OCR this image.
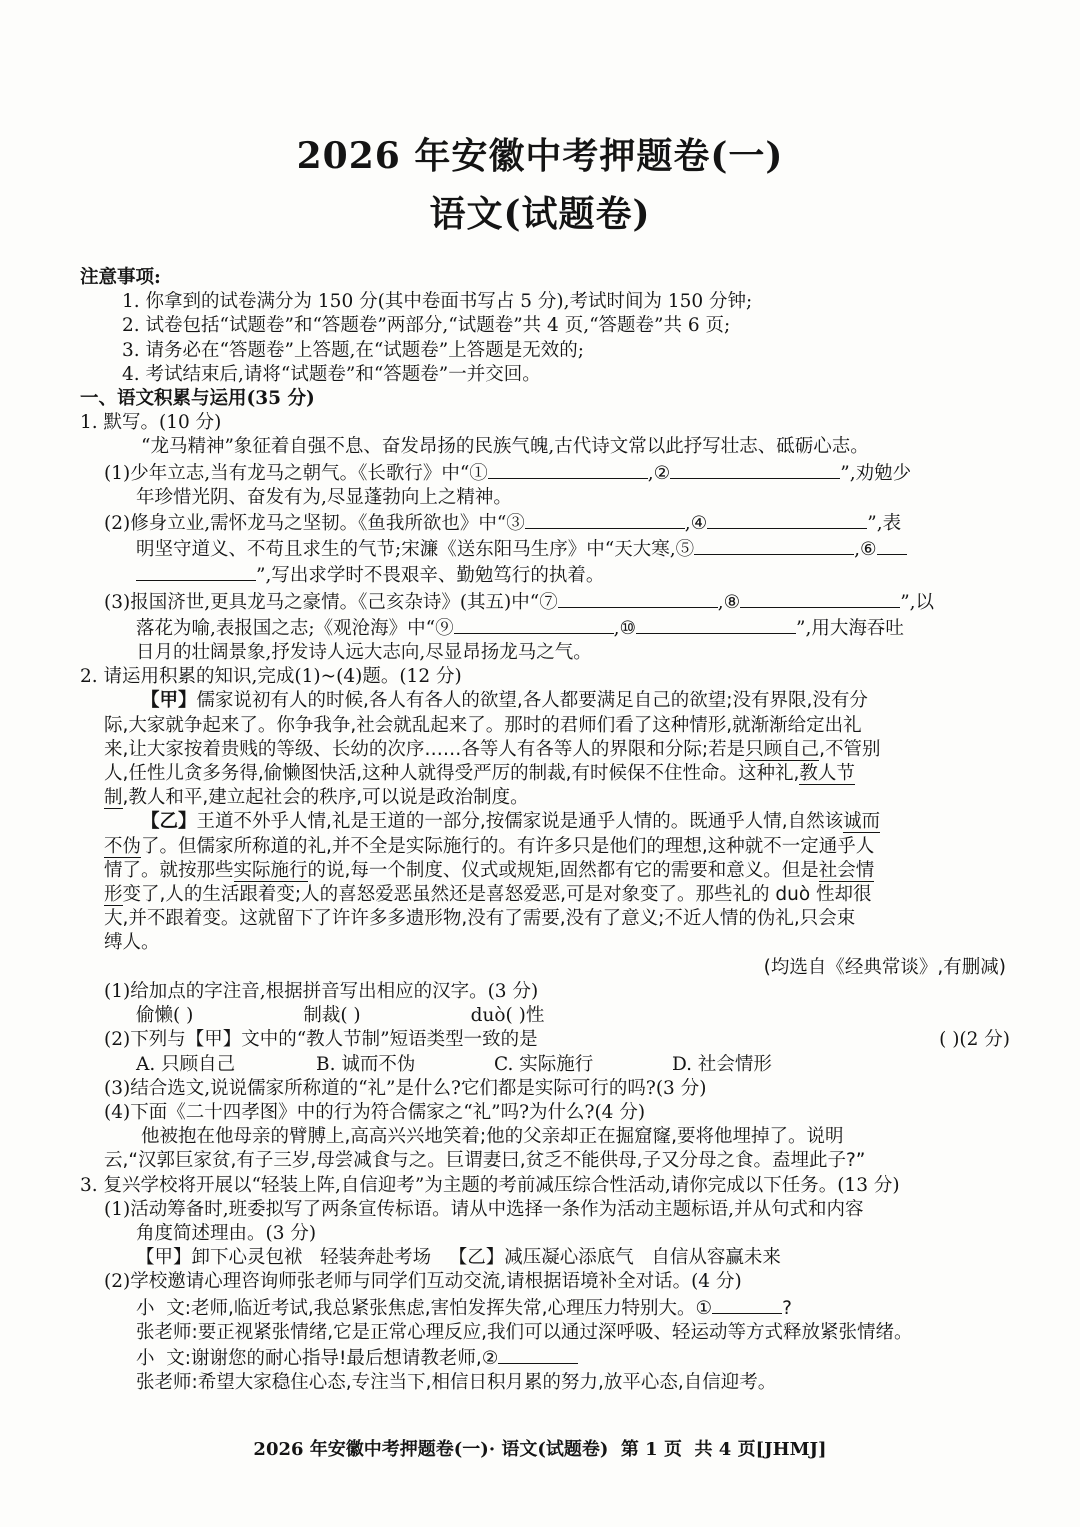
2026 年安徽中考押题卷(一)
语文(试题卷)

注意事项:

1. 你拿到的试卷满分为 150 分(其中卷面书写占 5 分),考试时间为 150 分钟;

2. 试卷包括“试题卷”和“答题卷”两部分,“试题卷”共 4 页,“答题卷”共 6 页;

3. 请务必在“答题卷”上答题,在“试题卷”上答题是无效的;

4. 考试结束后,请将“试题卷”和“答题卷”一并交回。

一、语文积累与运用(35 分)

1. 默写。(10 分)

“龙马精神”象征着自强不息、奋发昂扬的民族气魄,古代诗文常以此抒写壮志、砥砺心志。

(1)少年立志,当有龙马之朝气。《长歌行》中“①	,②	”,劝勉少

年珍惜光阴、奋发有为,尽显蓬勃向上之精神。

(2)修身立业,需怀龙马之坚韧。《鱼我所欲也》中“③	,④	”,表

明坚守道义、不苟且求生的气节;宋濂《送东阳马生序》中“天大寒,⑤	,⑥

”,写出求学时不畏艰辛、勤勉笃行的执着。

(3)报国济世,更具龙马之豪情。《己亥杂诗》(其五)中“⑦	,⑧	”,以

落花为喻,表报国之志;《观沧海》中“⑨	,⑩	”,用大海吞吐

日月的壮阔景象,抒发诗人远大志向,尽显昂扬龙马之气。

2. 请运用积累的知识,完成(1)~(4)题。(12 分)

【甲】儒家说初有人的时候,各人有各人的欲望,各人都要满足自己的欲望;没有界限,没有分

际,大家就争起来了。你争我争,社会就乱起来了。那时的君师们看了这种情形,就渐渐给定出礼

来,让大家按着贵贱的等级、长幼的次序……各等人有各等人的界限和分际;若是只顾自己,不管别

人,任性儿贪多务得,偷懒图快活,这种人就得受严厉的制裁,有时候保不住性命。这种礼,教人节

制,教人和平,建立起社会的秩序,可以说是政治制度。

【乙】王道不外乎人情,礼是王道的一部分,按儒家说是通乎人情的。既通乎人情,自然该诚而

不伪了。但儒家所称道的礼,并不全是实际施行的。有许多只是他们的理想,这种就不一定通乎人

情了。就按那些实际施行的说,每一个制度、仪式或规矩,固然都有它的需要和意义。但是社会情

形变了,人的生活跟着变;人的喜怒爱恶虽然还是喜怒爱恶,可是对象变了。那些礼的 duò 性却很

大,并不跟着变。这就留下了许许多多遗形物,没有了需要,没有了意义;不近人情的伪礼,只会束

缚人。

(均选自《经典常谈》,有删减)

(1)给加点的字注音,根据拼音写出相应的汉字。(3 分)

偷懒( )	制裁( )	duò( )性

(2)下列与【甲】文中的“教人节制”短语类型一致的是	( )(2 分)

A. 只顾自己	B. 诚而不伪	C. 实际施行	D. 社会情形

(3)结合选文,说说儒家所称道的“礼”是什么?它们都是实际可行的吗?(3 分)

(4)下面《二十四孝图》中的行为符合儒家之“礼”吗?为什么?(4 分)

他被抱在他母亲的臂膊上,高高兴兴地笑着;他的父亲却正在掘窟窿,要将他埋掉了。说明

云,“汉郭巨家贫,有子三岁,母尝减食与之。巨谓妻曰,贫乏不能供母,子又分母之食。盍埋此子?”

3. 复兴学校将开展以“轻装上阵,自信迎考”为主题的考前减压综合性活动,请你完成以下任务。(13 分)

(1)活动筹备时,班委拟写了两条宣传标语。请从中选择一条作为活动主题标语,并从句式和内容

角度简述理由。(3 分)

【甲】卸下心灵包袱   轻装奔赴考场   【乙】减压凝心添底气   自信从容赢未来

(2)学校邀请心理咨询师张老师与同学们互动交流,请根据语境补全对话。(4 分)

小  文:老师,临近考试,我总紧张焦虑,害怕发挥失常,心理压力特别大。①	?

张老师:要正视紧张情绪,它是正常心理反应,我们可以通过深呼吸、轻运动等方式释放紧张情绪。

小  文:谢谢您的耐心指导!最后想请教老师,②

张老师:希望大家稳住心态,专注当下,相信日积月累的努力,放平心态,自信迎考。

2026 年安徽中考押题卷(一)· 语文(试题卷)  第 1 页  共 4 页[JHMJ]
